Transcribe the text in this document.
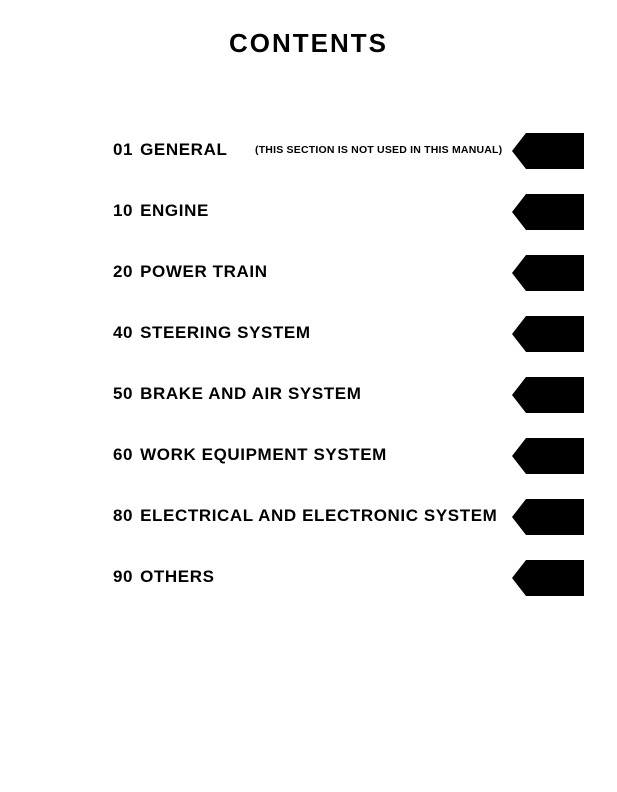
CONTENTS
01 GENERAL	(THIS SECTION IS NOT USED IN THIS MANUAL)
10 ENGINE
20 POWER TRAIN
40 STEERING SYSTEM
50 BRAKE AND AIR SYSTEM
60 WORK EQUIPMENT SYSTEM
80 ELECTRICAL AND ELECTRONIC SYSTEM
90 OTHERS
